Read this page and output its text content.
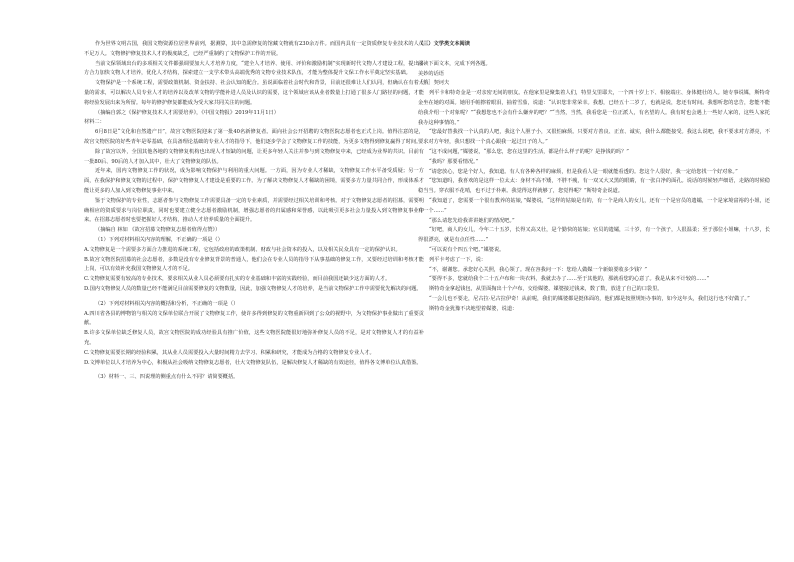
作为世界文明古国，我国文物资源位居世界前列，据测算，其中急需修复的馆藏文物就有230余万件。而国内具有一定资质修复专业技术的人员不足万人。文物修护修复技术人才的极度缺乏，已经严重制约了文物保护工作的开展。

当前文保领域出台的多项相关文件都强调要加大人才培养力度，“建全人才培养、使用、评价和激励机制”实现新时代文物人才建设工程，提出多方合力加快文物人才培养，优化人才结构，探索建立一支学术带头高端优秀的文物专业技术队伍，才能为整体提升文保工作水平奠定坚实基础。

文物保护是一个系统工程，需要政策机制、资金扶持、社会认知的配合。虽说面临着社会时代和背景，目前还很难让人们认同，但确认在有着大量的需求，可以解决人员专业人才的培养以及改革文物的学能补进人员及认识的需要，这个领域应该从业者数量上打通了很多人门路径的问题，才能将经验发展出来为所留。每年的修护修复都能成为受大家共同关注的问题。

（摘编自郭之《保护修复技术人才需要培养》，《中国文物报》2019年11月1日）

材料二：

6月8日是“文化和自然遗产日”，故宫文物医院迎来了第一批40名新修复者。面向社会公开招聘的文物医院志愿者也正式上岗。值得注意的是，故宫文物医院的好些青年是零基础，在具备理论基础的专业人才的指导下，他们逐步学会了文物修复工作的技能，为更多文物得到修复赢得了时间。

除了故宫以外，全国其他各地的文物修复机构也出现人才短缺的问题，让更多年轻人关注并参与到文物修复中来，已经成为业界的共识。目前有一批80后、90后的人才加入其中，壮大了文物修复的队伍。

近年来，国内文物修复工作的状况，成为影响文物保护与利用的重大问题。一方面，因为专业人才稀缺，文物修复工作水平备受质疑；另一方面，在我保护和修复文物的过程中，保护文物修复人才建设是重要的工作。为了解决文物修复人才稀缺的困境，需要多方力量共同合作，形成体系才能让更多的人加入到文物修复事业中来。

鉴于文物保护的专业性，志愿者参与文物修复工作需要具备一定的专业素质，并需要经过相关培训和考核。对于文物修复志愿者的招募，需要明确相应的资质要求与岗位职责，同时也要建立健全志愿者激励机制，增强志愿者的归属感和荣誉感，以此吸引更多社会力量投入到文物修复事业中来。在招募志愿者时也要把握好人才结构，推动人才培养质量的全面提升。

（摘编自 林如 《故宫招募文物修复志愿者值得点赞》）

（1）下列对材料相关内容的理解，不正确的一项是（）

A.文物修复是一个需要多方面合力推进的系统工程，它包括政府的政策机制、财政与社会资本的投入，以及相关民众具有一定的保护认识。

B.故宫文物医院招募的社会志愿者，多数是没有专业修复背景的普通人，他们会在专业人员的指导下从事基础的修复工作，又要经过培训和考核才能上岗，可以有效补充我国文物修复人才的不足。

C.文物修复需要有较高的专业技术，要求相关从业人员必须要有扎实的专业基础和丰富的实践经验，而目前我国还缺少这方面的人才。

D.国内文物修复人员的数量已经不能满足目前需要修复的文物数量，因此，加强文物修复人才的培养，是当前文物保护工作中需要优先解决的问题。

（2）下列对材料相关内容的概括和分析，不正确的一项是（）

A.四川省各县的博物馆与相关的文保单位联合开展了文物修复工作，使许多得到修复的文物重新回到了公众的视野中，为文物保护事业做出了重要贡献。

B.许多文保单位缺乏修复人员，故宫文物医院的成功经验具有推广价值，这些文物医院能很好地弥补修复人员的不足，是对文物修复人才的有益补充。

C.文物修复需要长期的经验积累，其从业人员需要投入大量时间精力去学习、积累和研究，才能成为合格的文物修复专业人才。

D.文博单位以人才培养为中心，积极从社会吸纳文物修复志愿者，壮大文物修复队伍，是解决修复人才稀缺的有效途径，值得各文博单位认真借鉴。

（3）材料一、三、四说理的侧重点有什么不同？请简要概括。

（三）文学类文本阅读

阅读下面文本，完成下列各题。

美妙的话语

［俄］契诃夫

列平卡和特奇金是一对亲密无间的朋友。在他家里是聚集着人们，特里戈里耶夫，一个四十岁上下、相貌端庄、身体健壮的人。她专事说媒，斯特奇金坐在她的对面。她用手帕擦着眼泪，抽着雪茄，说道：“认识您非常荣幸。我想，已经五十二岁了，也就是说，您还有时间。我想听您的忠告，您能不能给我介绍一个对象呢？”“我想您也不会有什么嫌弃的吧？”“当然，当然，我看您是一位正派人，有名望的人。我有时也会遇上一些好人家的，这些人家托我办这种事情的。”

“您最好替我找一个认真的人吧，我这个人胆子小，又很怕麻烦。只要对方善良、正直、诚实，我什么都能接受。我这么说吧，我不要求对方漂亮，不要求对方年轻，我只想找一个真心跟我一起过日子的人。”

“这不成问题，”媒婆说，“那么您，您在这里的生活，都是什么样子的呢？是挣钱的吗？”

“我吗？那要看情况。”

“请您放心，您是个好人，我知道。有人有各种各样的麻烦，但是我看人是一眼就能看透的。您这个人很好，我一定给您找一个好对象。”

“您知道吗，我喜欢的是这样一位太太：身材不高不矮，不胖不瘦，有一双又大又黑的眼睛，有一张白净的面孔。说话的时候轻声细语，走路的时候稳稳当当。穿衣服不花哨，也不过于朴素。我觉得这样就够了，您觉得呢？”斯特奇金说道。

“我知道了，您需要一个很有教养的姑娘，”媒婆说，“这样的姑娘是有的，有一个是商人的女儿，还有一个是官员的遗孀，一个是家境富裕的小姐，还有一个……”

“那么请您先给我讲讲她们的情况吧。”

“好吧，商人的女儿，今年二十五岁，长得又高又壮，是个勤快的姑娘；官员的遗孀，三十岁，有一个孩子，人很温柔；至于那位小姐嘛，十八岁，长得很漂亮，就是有点任性……”

“可以说有个四五个吧。”媒婆说。

列平卡考虑了一下，说：

“不，谢谢您。承您好心关照，我心领了。现在容我问一下：您给人做媒一个新娘要收多少钱？”

“要得不多，您就给我个二十五卢布和一块衣料，我就去办了……至于其他的，那就看您的心意了。我是从来不计较的……”

斯特奇金拿起钱包，从里面掏出十个卢布，交给媒婆。媒婆接过钱来，数了数，放进了自己的口袋里。

“一会儿也不要走，尼古拉·尼古拉伊奇！从前呢，我们的媒婆都是挺体面的，他们都是按照规矩办事的，如今这年头，我们这行也不好做了。”

斯特奇金犹豫不决地望着媒婆，说道：
